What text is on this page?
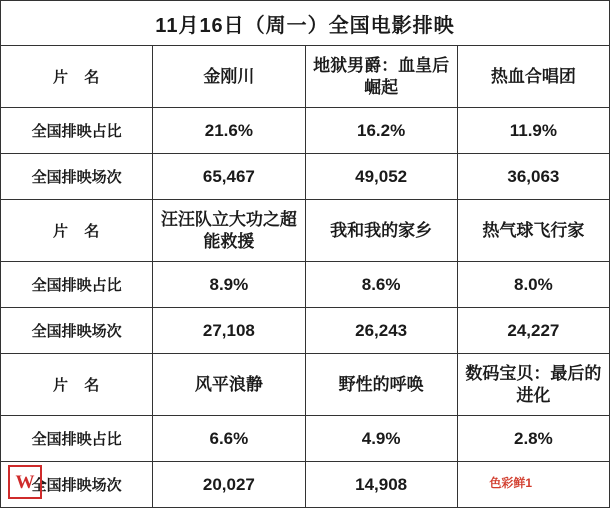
11月16日（周一）全国电影排映			
片 名	金刚川	地狱男爵：血皇后崛起	热血合唱团
全国排映占比	21.6%	16.2%	11.9%
全国排映场次	65,467	49,052	36,063
片 名	汪汪队立大功之超能救援	我和我的家乡	热气球飞行家
全国排映占比	8.9%	8.6%	8.0%
全国排映场次	27,108	26,243	24,227
片 名	风平浪静	野性的呼唤	数码宝贝：最后的进化
全国排映占比	6.6%	4.9%	2.8%
全国排映场次	20,027	14,908	
W	色彩鲜1
